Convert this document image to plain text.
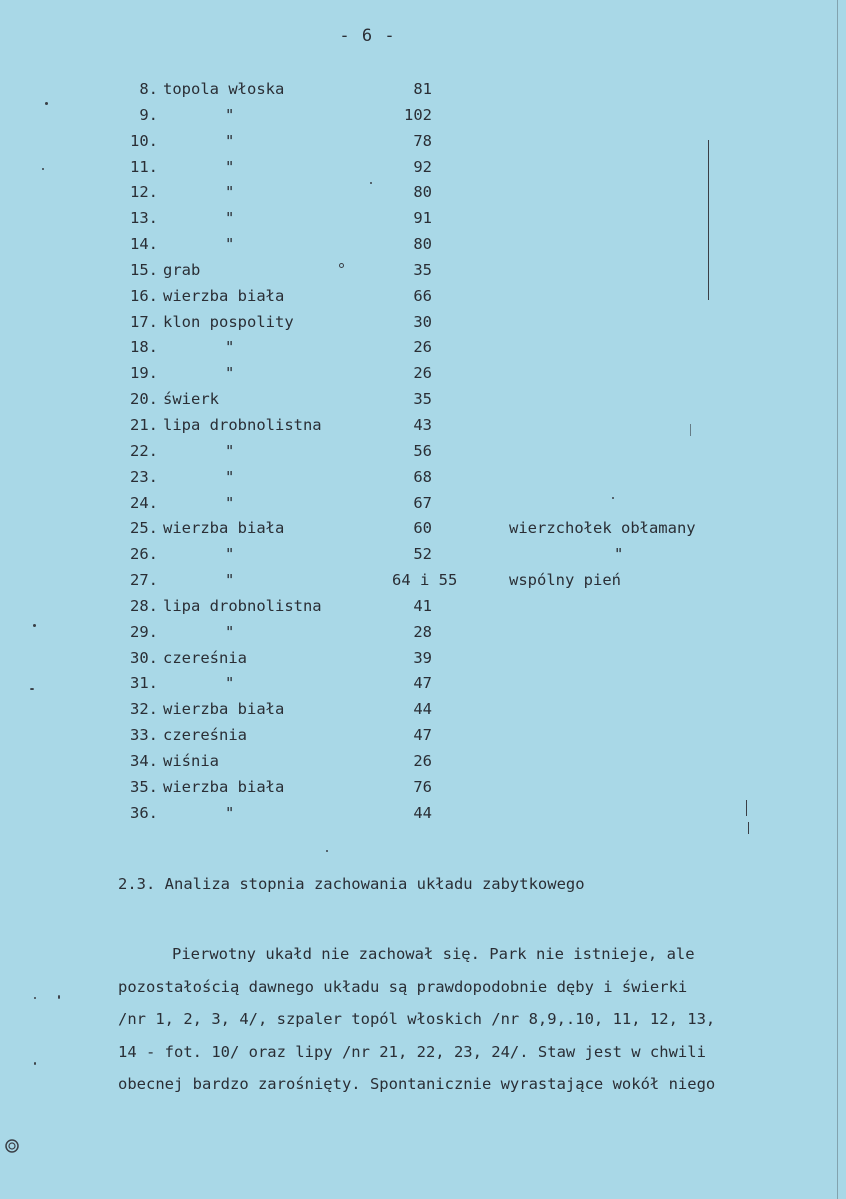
- 6 -
8. topola włoska	81
9.	"	102
10.	"	78
11.	"	92
12.	"	80
13.	"	91
14.	"	80
15. grab	35
16. wierzba biała	66
17. klon pospolity	30
18.	"	26
19.	"	26
20. świerk	35
21. lipa drobnolistna	43
22.	"	56
23.	"	68
24.	"	67
25. wierzba biała	60	wierzchołek obłamany
26.	"	52	"
27.	"	64 i 55	wspólny pień
28. lipa drobnolistna	41
29.	"	28
30. czereśnia	39
31.	"	47
32. wierzba biała	44
33. czereśnia	47
34. wiśnia	26
35. wierzba biała	76
36.	"	44
2.3. Analiza stopnia zachowania układu zabytkowego

Pierwotny ukałd nie zachował się. Park nie istnieje, ale
pozostałością dawnego układu są prawdopodobnie dęby i świerki
/nr 1, 2, 3, 4/, szpaler topól włoskich /nr 8,9,.10, 11, 12, 13,
14 - fot. 10/ oraz lipy /nr 21, 22, 23, 24/. Staw jest w chwili
obecnej bardzo zarośnięty. Spontanicznie wyrastające wokół niego
